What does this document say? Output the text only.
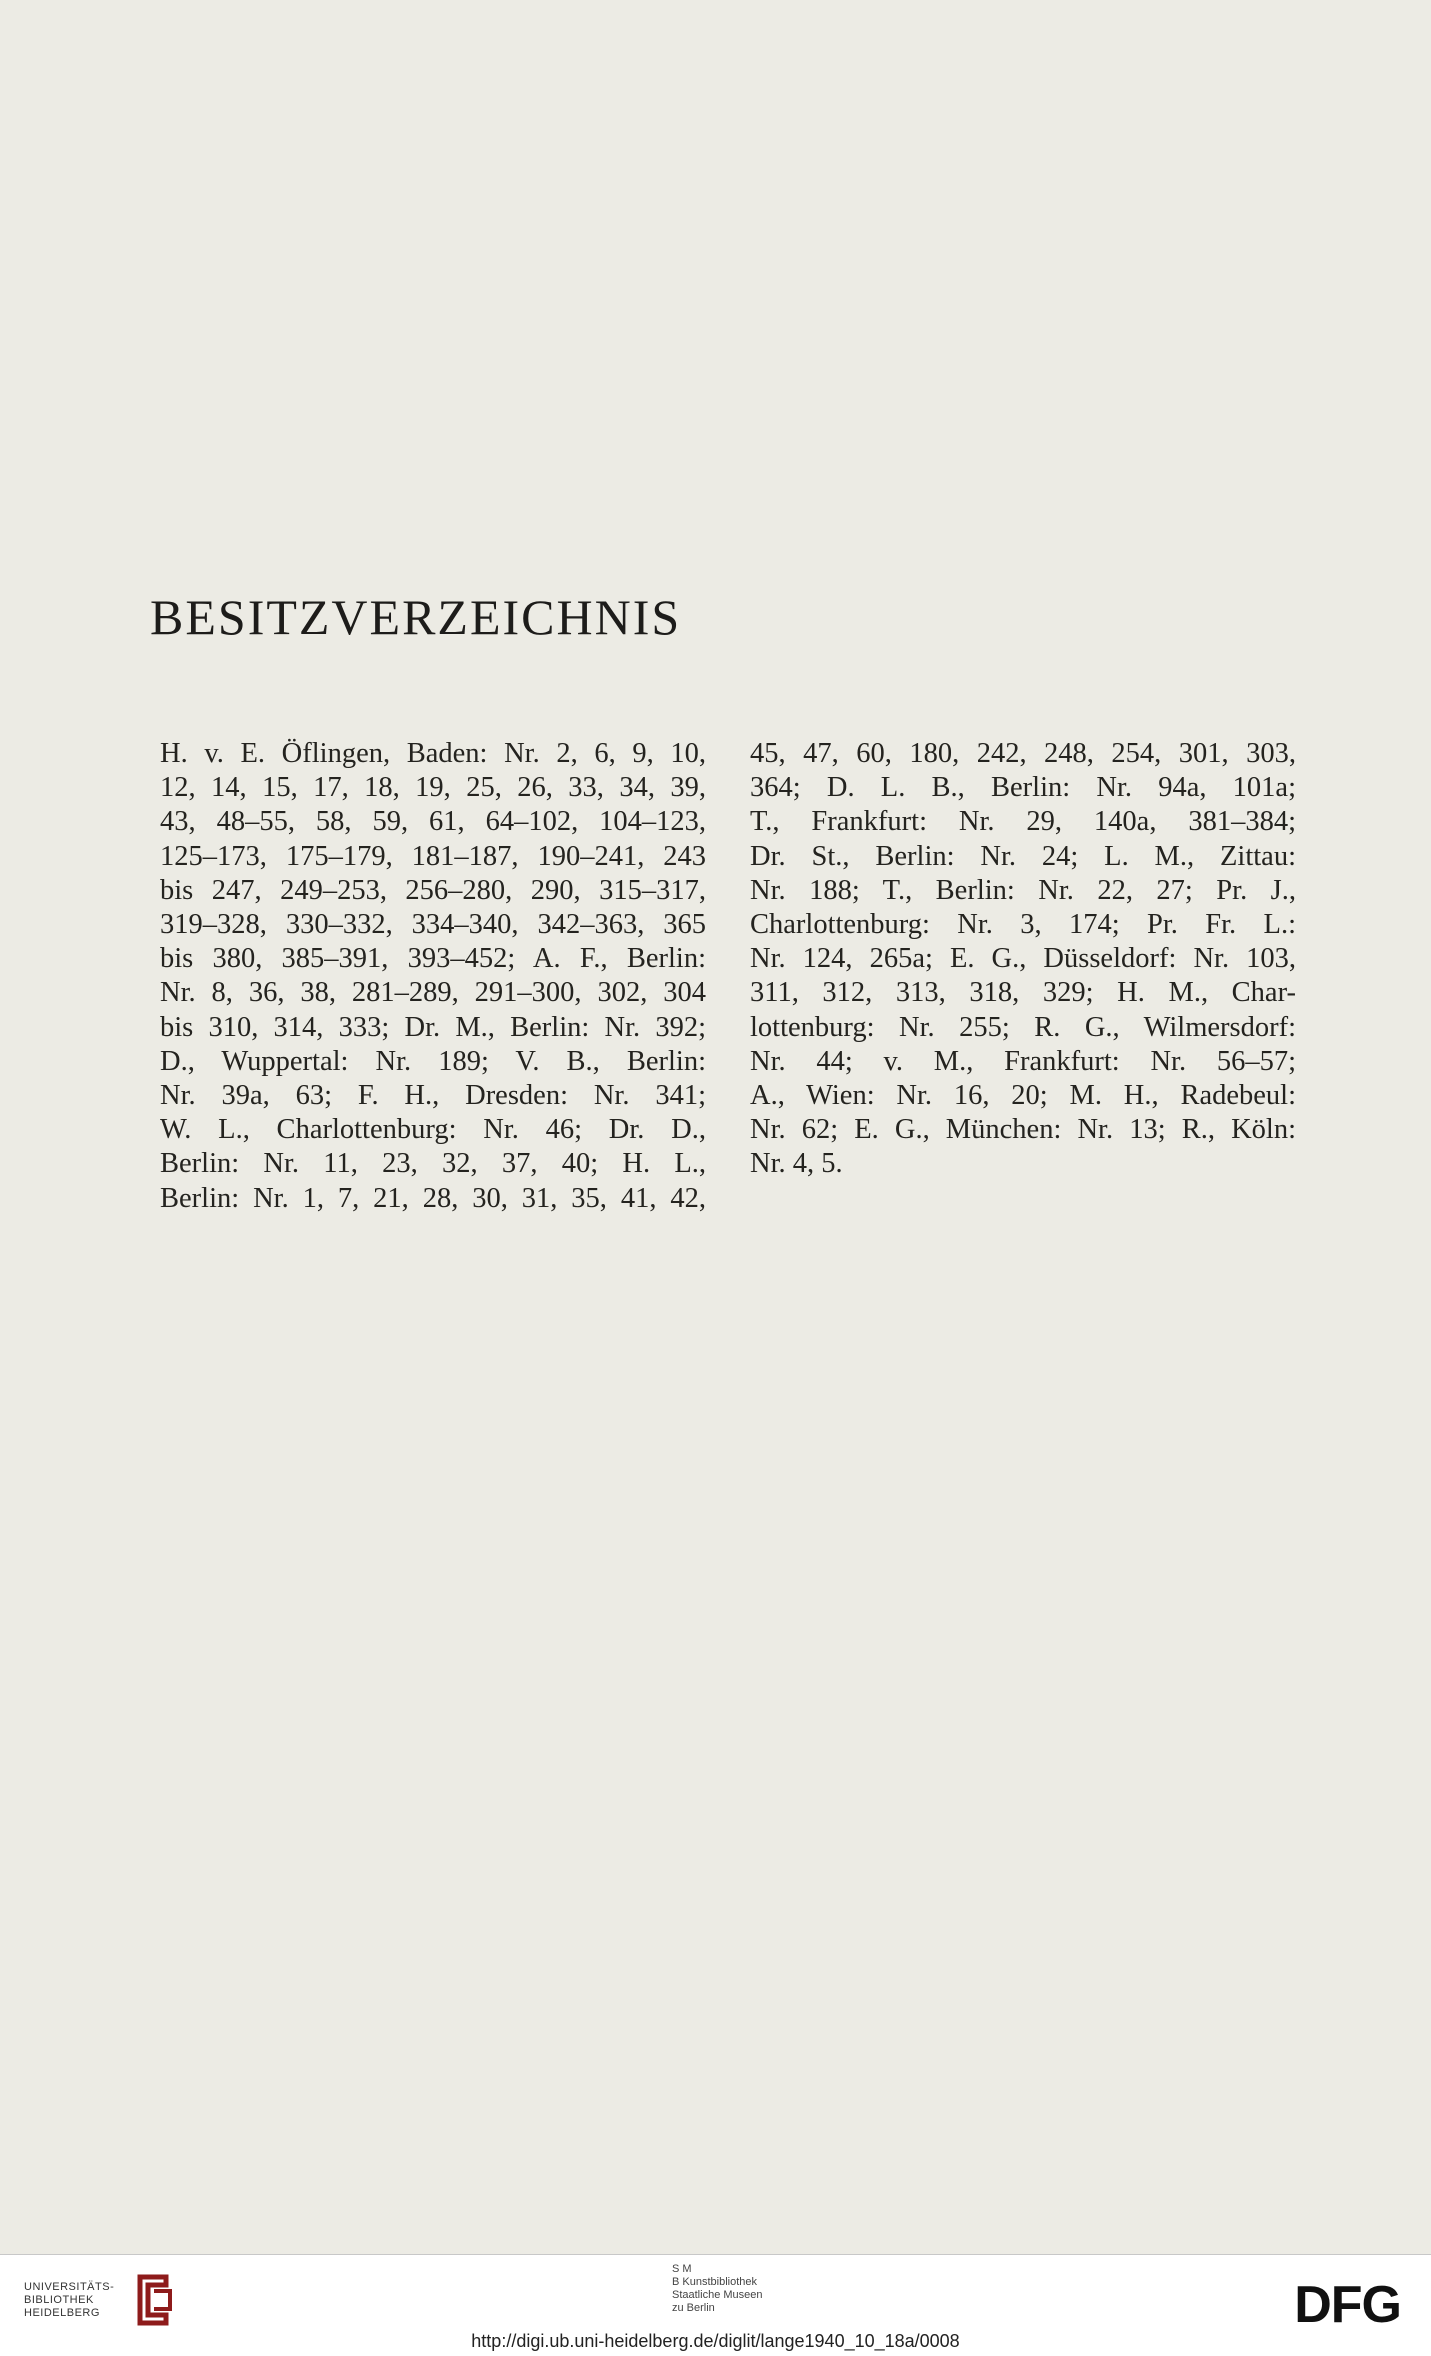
BESITZVERZEICHNIS

H. v. E. Öflingen, Baden: Nr. 2, 6, 9, 10,

12, 14, 15, 17, 18, 19, 25, 26, 33, 34, 39,

43, 48–55, 58, 59, 61, 64–102, 104–123,

125–173, 175–179, 181–187, 190–241, 243

bis 247, 249–253, 256–280, 290, 315–317,

319–328, 330–332, 334–340, 342–363, 365

bis 380, 385–391, 393–452; A. F., Berlin:

Nr. 8, 36, 38, 281–289, 291–300, 302, 304

bis 310, 314, 333; Dr. M., Berlin: Nr. 392;

D., Wuppertal: Nr. 189; V. B., Berlin:

Nr. 39a, 63; F. H., Dresden: Nr. 341;

W. L., Charlottenburg: Nr. 46; Dr. D.,

Berlin: Nr. 11, 23, 32, 37, 40; H. L.,

Berlin: Nr. 1, 7, 21, 28, 30, 31, 35, 41, 42,

45, 47, 60, 180, 242, 248, 254, 301, 303,

364; D. L. B., Berlin: Nr. 94a, 101a;

T., Frankfurt: Nr. 29, 140a, 381–384;

Dr. St., Berlin: Nr. 24; L. M., Zittau:

Nr. 188; T., Berlin: Nr. 22, 27; Pr. J.,

Charlottenburg: Nr. 3, 174; Pr. Fr. L.:

Nr. 124, 265a; E. G., Düsseldorf: Nr. 103,

311, 312, 313, 318, 329; H. M., Char-

lottenburg: Nr. 255; R. G., Wilmersdorf:

Nr. 44; v. M., Frankfurt: Nr. 56–57;

A., Wien: Nr. 16, 20; M. H., Radebeul:

Nr. 62; E. G., München: Nr. 13; R., Köln:

Nr. 4, 5.

UNIVERSITÄTS-
BIBLIOTHEK
HEIDELBERG
S M
B Kunstbibliothek
Staatliche Museen
zu Berlin	DFG
http://digi.ub.uni-heidelberg.de/diglit/lange1940_10_18a/0008
